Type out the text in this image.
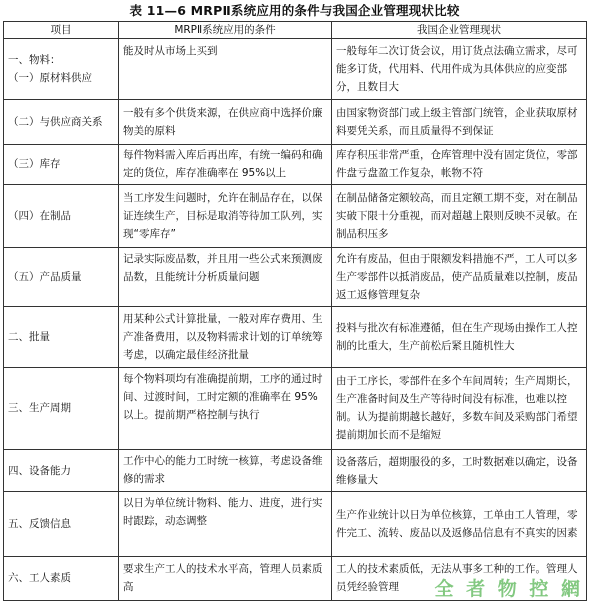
表 11—6 MRPⅡ系统应用的条件与我国企业管理现状比较
项目	MRPⅡ系统应用的条件	我国企业管理现状
一、物料：
（一）原材料供应	能及时从市场上买到	一般每年二次订货会议，用订货点法确立需求，尽可能多订货，代用料、代用件成为具体供应的应变部分，且数目大
（二）与供应商关系	一般有多个供货来源，在供应商中选择价廉物美的原料	由国家物资部门或上级主管部门统管，企业获取原材料要凭关系，而且质量得不到保证
（三）库存	每件物料需入库后再出库，有统一编码和确定的货位，库存准确率在 95%以上	库存积压非常严重，仓库管理中没有固定货位，零部件盘亏盘盈工作复杂，帐物不符
（四）在制品	当工序发生问题时，允许在制品存在，以保证连续生产，目标是取消等待加工队列，实现“零库存”	在制品储备定额较高，而且定额工期不变，对在制品实破下限十分重视，而对超越上限则反映不灵敏。在制品积压多
（五）产品质量	记录实际废品数，并且用一些公式来预测废品数，且能统计分析质量问题	允许有废品，但由于限额发料措施不严，工人可以多生产零部件以抵消废品，使产品质量难以控制，废品返工返修管理复杂
二、批量	用某种公式计算批量，一般对库存费用、生产准备费用，以及物料需求计划的订单统筹考虑，以确定最佳经济批量	投料与批次有标准遵循，但在生产现场由操作工人控制的比重大，生产前松后紧且随机性大
三、生产周期	每个物料项均有准确提前期，工序的通过时间、过渡时间，工时定额的准确率在 95%以上。提前期严格控制与执行	由于工序长，零部件在多个车间周转；生产周期长，生产准备时间及生产等待时间没有标准，也难以控制。认为提前期越长越好，多数车间及采购部门希望提前期加长而不是缩短
四、设备能力	工作中心的能力工时统一核算，考虑设备维修的需求	设备落后，超期服役的多，工时数据难以确定，设备维修量大
五、反馈信息	以日为单位统计物料、能力、进度，进行实时跟踪，动态调整	生产作业统计以日为单位核算，工单由工人管理，零件完工、流转、废品以及返修品信息有不真实的因素
六、工人素质	要求生产工人的技术水平高，管理人员素质高	工人的技术素质低，无法从事多工种的工作。管理人员凭经验管理 全 者 物 控 網
